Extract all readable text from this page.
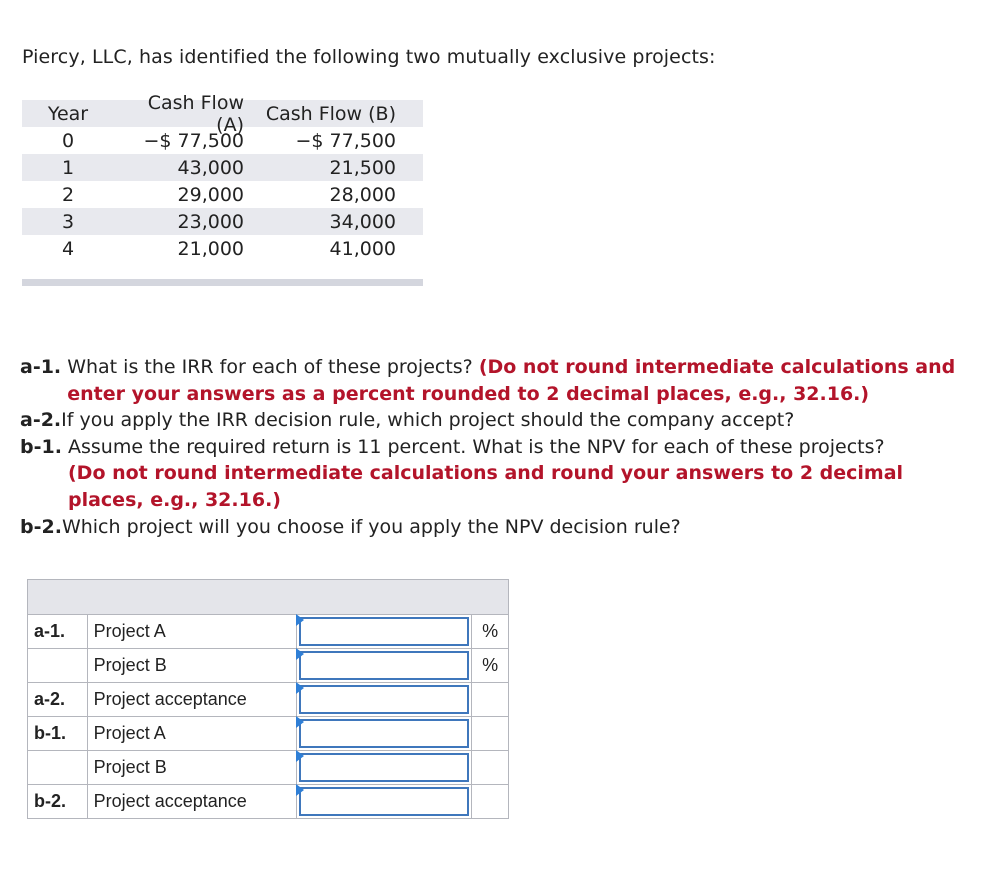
Piercy, LLC, has identified the following two mutually exclusive projects:
Year	Cash Flow (A)	Cash Flow (B)
0	−$ 77,500	−$ 77,500
1	43,000	21,500
2	29,000	28,000
3	23,000	34,000
4	21,000	41,000
a-1.
What is the IRR for each of these projects? (Do not round intermediate calculations and enter your answers as a percent rounded to 2 decimal places, e.g., 32.16.)
a-2. If you apply the IRR decision rule, which project should the company accept?
b-1.
Assume the required return is 11 percent. What is the NPV for each of these projects?
(Do not round intermediate calculations and round your answers to 2 decimal places, e.g., 32.16.)
b-2. Which project will you choose if you apply the NPV decision rule?

a-1.	Project A		%
	Project B		%
a-2.	Project acceptance	

b-1.	Project A	

	Project B	

b-2.	Project acceptance	
